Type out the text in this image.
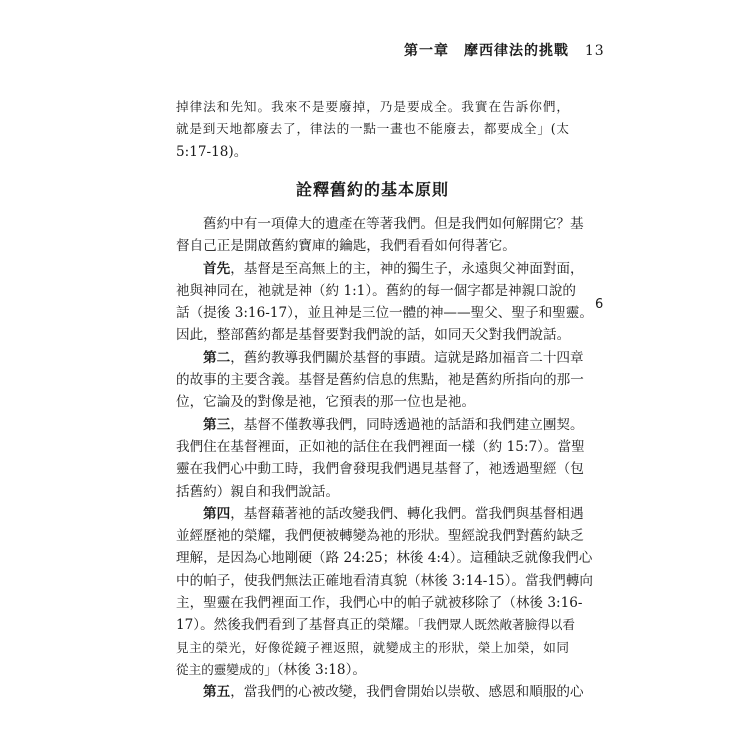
第一章　摩西律法的挑戰 13
掉律法和先知。我來不是要廢掉，乃是要成全。我實在告訴你們，
就是到天地都廢去了，律法的一點一畫也不能廢去，都要成全」(太
5:17-18)。
詮釋舊約的基本原則
舊約中有一項偉大的遺產在等著我們。但是我們如何解開它？基
督自己正是開啟舊約寶庫的鑰匙，我們看看如何得著它。
首先，基督是至高無上的主，神的獨生子，永遠與父神面對面，
祂與神同在，祂就是神（約 1:1）。舊約的每一個字都是神親口說的
話（提後 3:16-17），並且神是三位一體的神——聖父、聖子和聖靈。
因此，整部舊約都是基督要對我們說的話，如同天父對我們說話。
第二，舊約教導我們關於基督的事蹟。這就是路加福音二十四章
的故事的主要含義。基督是舊約信息的焦點，祂是舊約所指向的那一
位，它論及的對像是祂，它預表的那一位也是祂。
第三，基督不僅教導我們，同時透過祂的話語和我們建立團契。
我們住在基督裡面，正如祂的話住在我們裡面一樣（約 15:7）。當聖
靈在我們心中動工時，我們會發現我們遇見基督了，祂透過聖經（包
括舊約）親自和我們說話。
第四，基督藉著祂的話改變我們、轉化我們。當我們與基督相遇
並經歷祂的榮耀，我們便被轉變為祂的形狀。聖經說我們對舊約缺乏
理解，是因為心地剛硬（路 24:25；林後 4:4）。這種缺乏就像我們心
中的帕子，使我們無法正確地看清真貌（林後 3:14-15）。當我們轉向
主，聖靈在我們裡面工作，我們心中的帕子就被移除了（林後 3:16-
17）。然後我們看到了基督真正的榮耀。「我們眾人既然敞著臉得以看
見主的榮光，好像從鏡子裡返照，就變成主的形狀，榮上加榮，如同
從主的靈變成的」（林後 3:18）。
第五，當我們的心被改變，我們會開始以崇敬、感恩和順服的心
6
